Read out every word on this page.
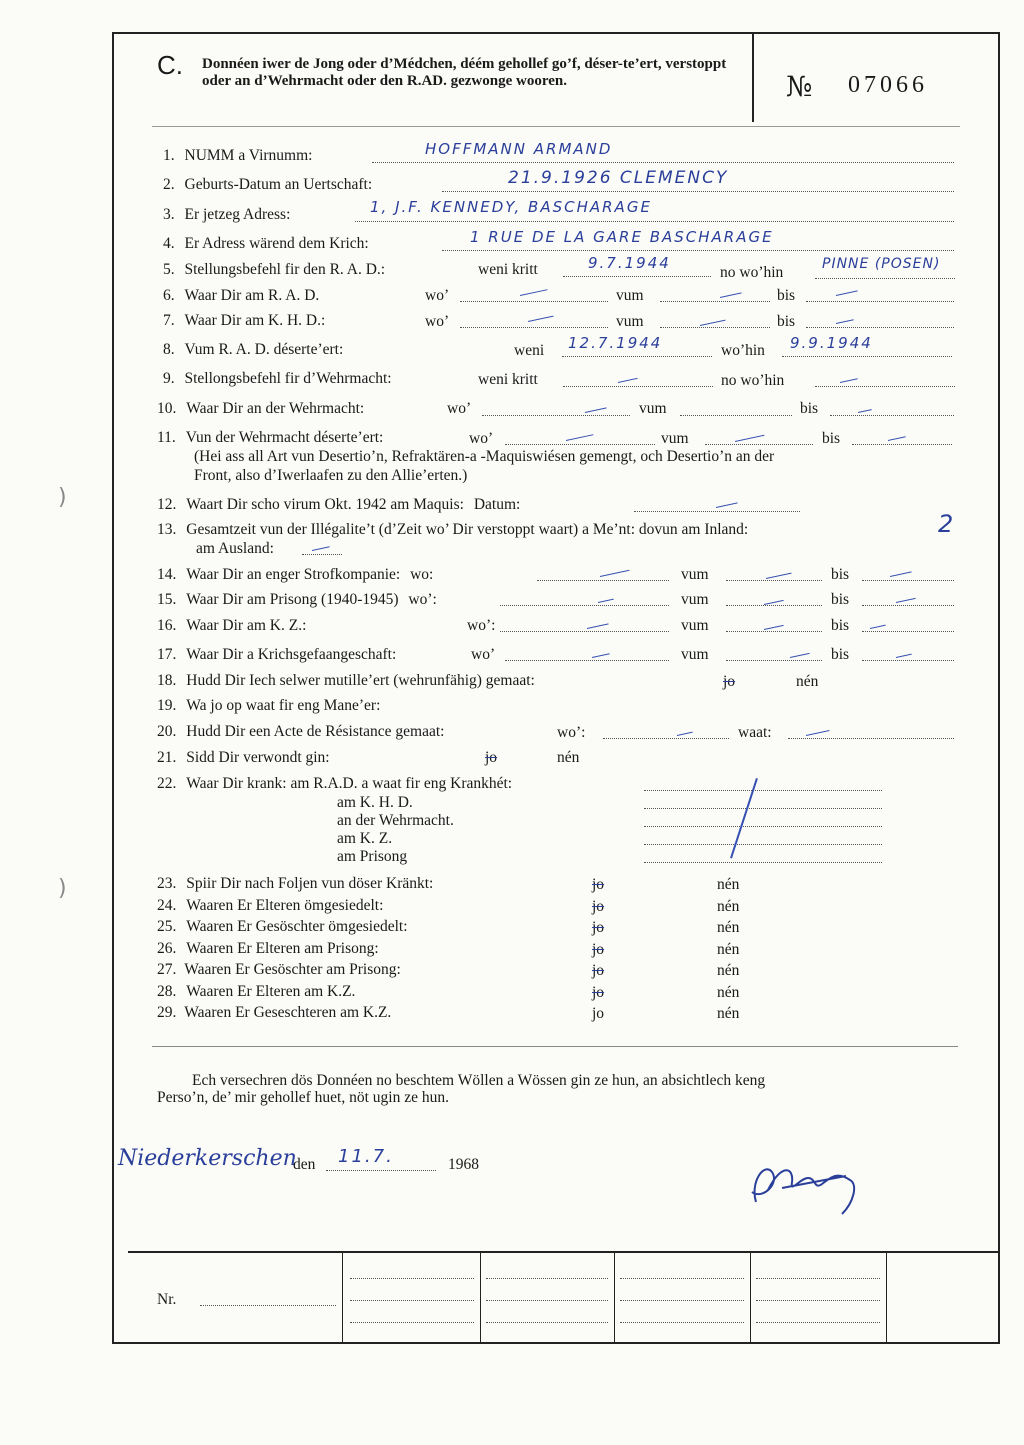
C. Donnéen iwer de Jong oder d’Médchen, déém gehollef go’f, déser-te’ert, verstoppt oder an d’Wehrmacht oder den R.AD. gezwonge wooren.	№ 07066
1. NUMM a Virnumm:	HOFFMANN ARMAND
2. Geburts-Datum an Uertschaft:	21.9.1926 CLEMENCY
3. Er jetzeg Adress:	1, J.F. KENNEDY, BASCHARAGE
4. Er Adress wärend dem Krich:	1 RUE DE LA GARE BASCHARAGE
5. Stellungsbefehl fir den R. A. D.:	weni kritt	9.7.1944
no wo’hin	PINNE (POSEN)
6. Waar Dir am R. A. D.	wo’	vum	bis
7. Waar Dir am K. H. D.:	wo’	vum	bis
8. Vum R. A. D. déserte’ert:	weni 12.7.1944	wo’hin 9.9.1944
9. Stellongsbefehl fir d’Wehrmacht:	weni kritt	no wo’hin
10. Waar Dir an der Wehrmacht:	wo’	vum	bis
11. Vun der Wehrmacht déserte’ert:	wo’	vum	bis
(Hei ass all Art vun Desertio’n, Refraktären-a -Maquiswiésen gemengt, och Desertio’n an der
Front, also d’Iwerlaafen zu den Allie’erten.)
12. Waart Dir scho virum Okt. 1942 am Maquis: Datum:
13. Gesamtzeit vun der Illégalite’t (d’Zeit wo’ Dir verstoppt waart) a Me’nt: dovun am Inland:	2
am Ausland:
14. Waar Dir an enger Strofkompanie: wo:	vum	bis
15. Waar Dir am Prisong (1940-1945) wo’:	vum	bis
16. Waar Dir am K. Z.:	wo’:	vum	bis
17. Waar Dir a Krichsgefaangeschaft:	wo’	vum	bis
18. Hudd Dir Iech selwer mutille’ert (wehrunfähig) gemaat:	jo	nén
19. Wa jo op waat fir eng Mane’er:
20. Hudd Dir een Acte de Résistance gemaat:	wo’:	waat:
21. Sidd Dir verwondt gin:	jo	nén
22. Waar Dir krank: am R.A.D. a waat fir eng Krankhét:
am K. H. D.
an der Wehrmacht.
am K. Z.
am Prisong
23. Spiir Dir nach Foljen vun döser Kränkt:	jo	nén
24. Waaren Er Elteren ömgesiedelt:	jo	nén
25. Waaren Er Gesöschter ömgesiedelt:	jo	nén
26. Waaren Er Elteren am Prisong:	jo	nén
27. Waaren Er Gesöschter am Prisong:	jo	nén
28. Waaren Er Elteren am K.Z.	jo	nén
29. Waaren Er Geseschteren am K.Z.	jo	nén
Ech versechren dös Donnéen no beschtem Wöllen a Wössen gin ze hun, an absichtlech keng
Perso’n, de’ mir gehollef huet, nöt ugin ze hun.
Niederkerschen
den 11.7.	1968
Nr.
)
)
